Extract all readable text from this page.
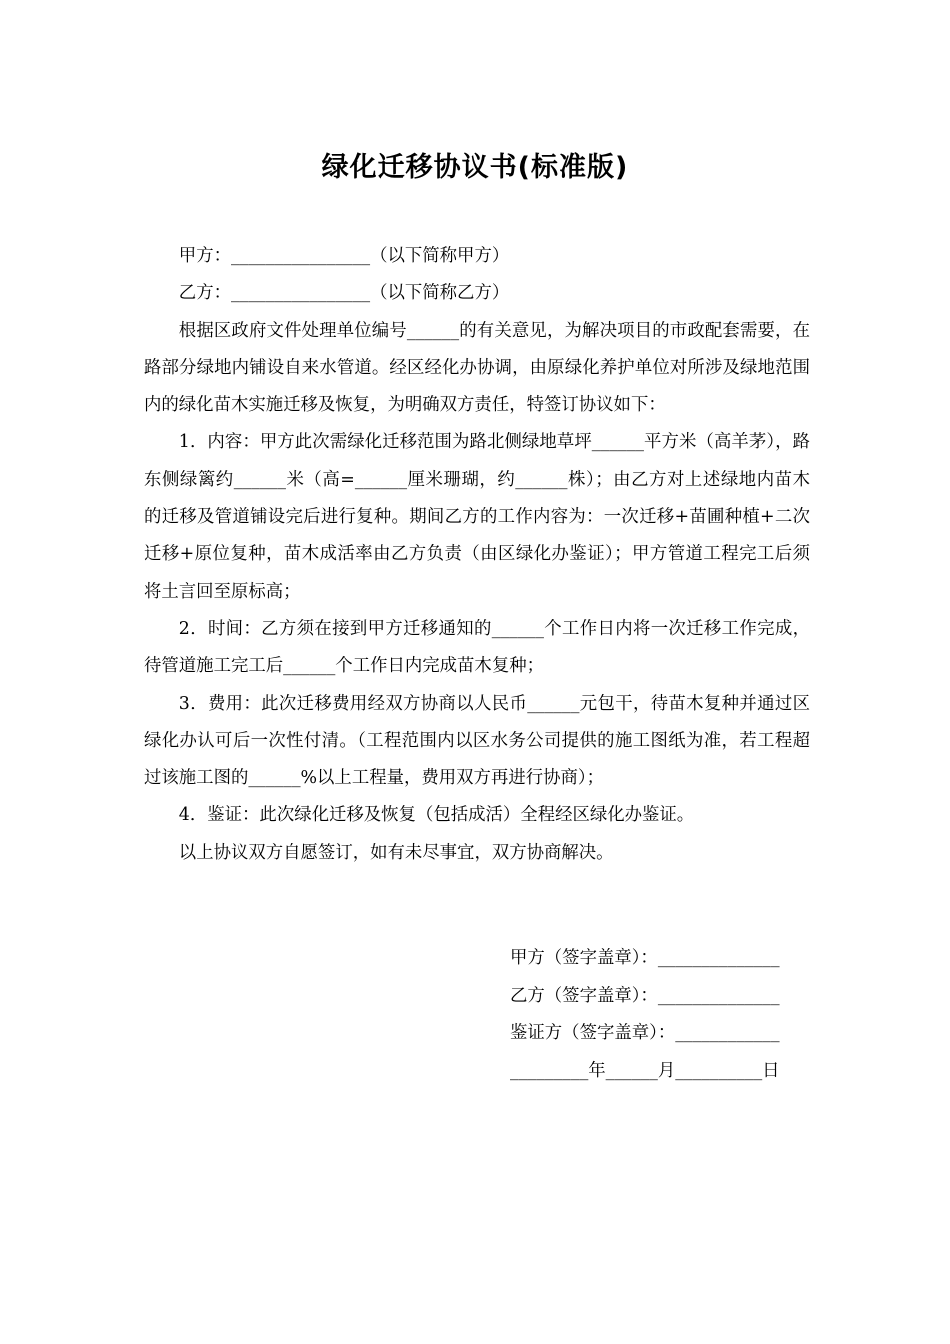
绿化迁移协议书(标准版)

甲方：________________（以下简称甲方）

乙方：________________（以下简称乙方）

根据区政府文件处理单位编号______的有关意见，为解决项目的市政配套需要，在路部分绿地内铺设自来水管道。经区经化办协调，由原绿化养护单位对所涉及绿地范围内的绿化苗木实施迁移及恢复，为明确双方责任，特签订协议如下：

1．内容：甲方此次需绿化迁移范围为路北侧绿地草坪______平方米（高羊茅），路东侧绿篱约______米（高=______厘米珊瑚，约______株）；由乙方对上述绿地内苗木的迁移及管道铺设完后进行复种。期间乙方的工作内容为：一次迁移+苗圃种植+二次迁移+原位复种，苗木成活率由乙方负责（由区绿化办鉴证）；甲方管道工程完工后须将土言回至原标高；

2．时间：乙方须在接到甲方迁移通知的______个工作日内将一次迁移工作完成，待管道施工完工后______个工作日内完成苗木复种；

3．费用：此次迁移费用经双方协商以人民币______元包干，待苗木复种并通过区绿化办认可后一次性付清。（工程范围内以区水务公司提供的施工图纸为准，若工程超过该施工图的______%以上工程量，费用双方再进行协商）；

4．鉴证：此次绿化迁移及恢复（包括成活）全程经区绿化办鉴证。

以上协议双方自愿签订，如有未尽事宜，双方协商解决。

甲方（签字盖章）：______________

乙方（签字盖章）：______________

鉴证方（签字盖章）：____________

_________年______月__________日
